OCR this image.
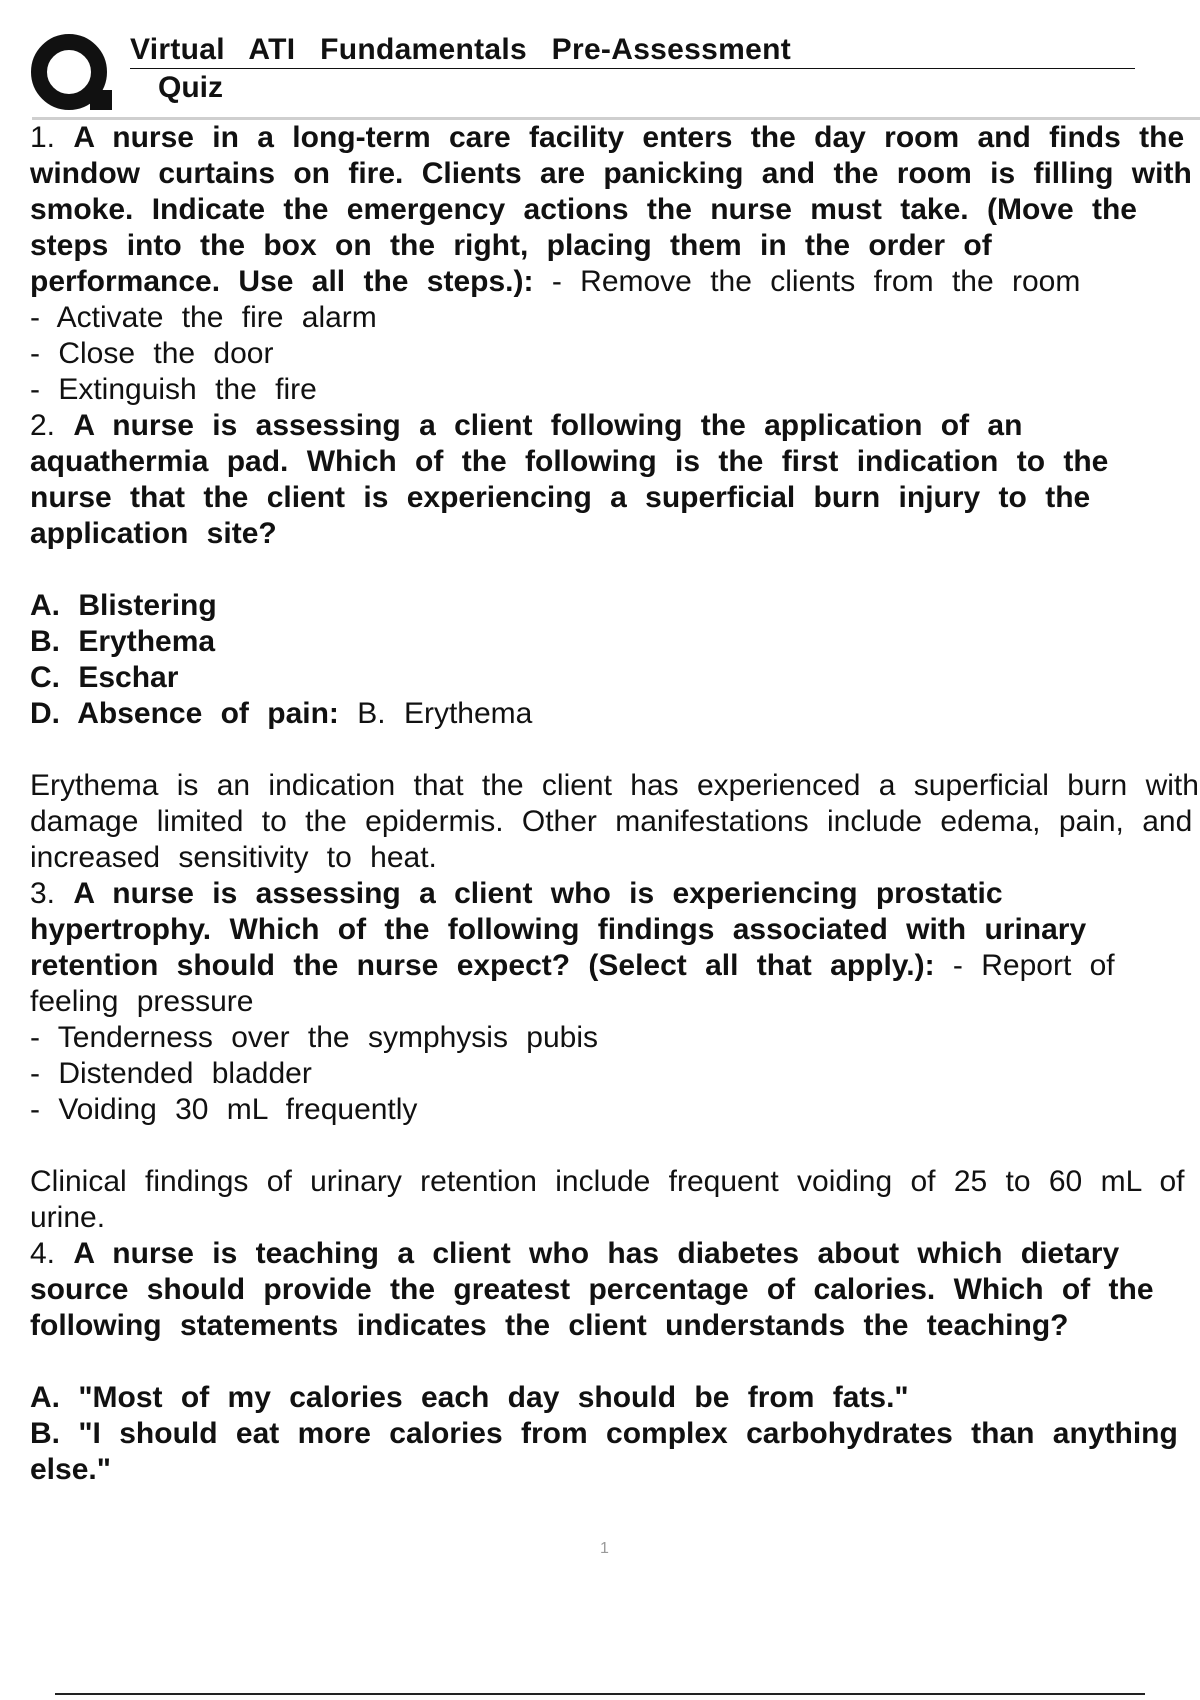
Virtual ATI Fundamentals Pre-Assessment
Quiz
1. A nurse in a long-term care facility enters the day room and finds the window curtains on fire. Clients are panicking and the room is filling with smoke. Indicate the emergency actions the nurse must take. (Move the steps into the box on the right, placing them in the order of performance. Use all the steps.): - Remove the clients from the room
- Activate the fire alarm
- Close the door
- Extinguish the fire
2. A nurse is assessing a client following the application of an aquathermia pad. Which of the following is the first indication to the nurse that the client is experiencing a superficial burn injury to the application site?
A. Blistering
B. Erythema
C. Eschar
D. Absence of pain: B. Erythema
Erythema is an indication that the client has experienced a superficial burn with damage limited to the epidermis. Other manifestations include edema, pain, and increased sensitivity to heat.
3. A nurse is assessing a client who is experiencing prostatic hypertrophy. Which of the following findings associated with urinary retention should the nurse expect? (Select all that apply.): - Report of feeling pressure
- Tenderness over the symphysis pubis
- Distended bladder
- Voiding 30 mL frequently
Clinical findings of urinary retention include frequent voiding of 25 to 60 mL of urine.
4. A nurse is teaching a client who has diabetes about which dietary source should provide the greatest percentage of calories. Which of the following statements indicates the client understands the teaching?
A. "Most of my calories each day should be from fats."
B. "I should eat more calories from complex carbohydrates than anything else."
1
